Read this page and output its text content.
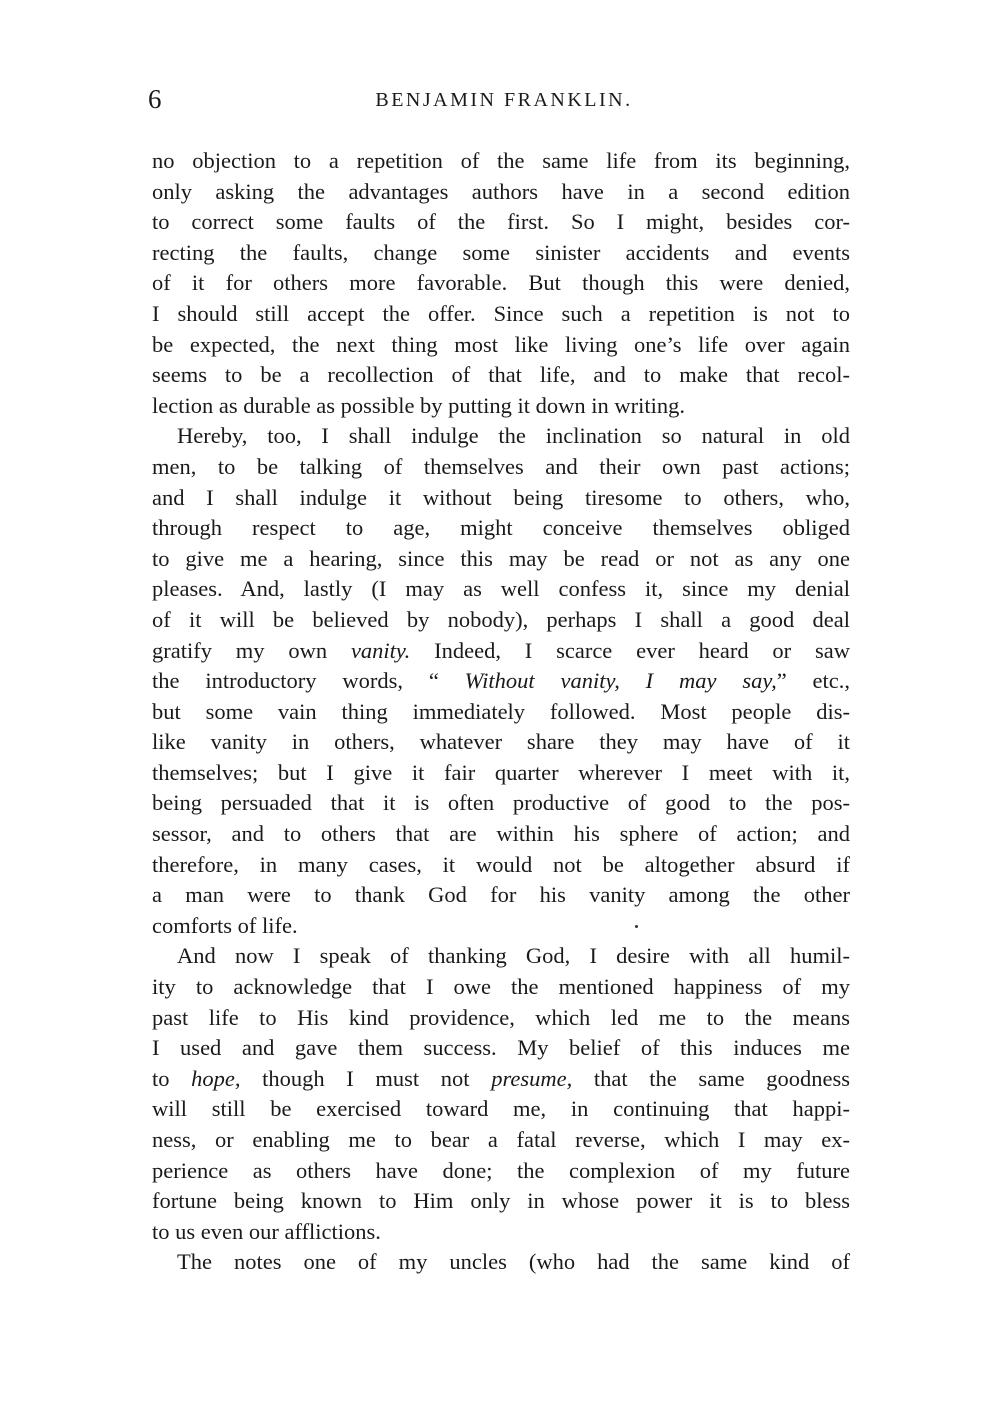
6	BENJAMIN FRANKLIN.
no objection to a repetition of the same life from its beginning,
only asking the advantages authors have in a second edition
to correct some faults of the first. So I might, besides cor-
recting the faults, change some sinister accidents and events
of it for others more favorable. But though this were denied,
I should still accept the offer. Since such a repetition is not to
be expected, the next thing most like living one’s life over again
seems to be a recollection of that life, and to make that recol-
lection as durable as possible by putting it down in writing.
Hereby, too, I shall indulge the inclination so natural in old
men, to be talking of themselves and their own past actions;
and I shall indulge it without being tiresome to others, who,
through respect to age, might conceive themselves obliged
to give me a hearing, since this may be read or not as any one
pleases. And, lastly (I may as well confess it, since my denial
of it will be believed by nobody), perhaps I shall a good deal
gratify my own vanity. Indeed, I scarce ever heard or saw
the introductory words, “ Without vanity, I may say,” etc.,
but some vain thing immediately followed. Most people dis-
like vanity in others, whatever share they may have of it
themselves; but I give it fair quarter wherever I meet with it,
being persuaded that it is often productive of good to the pos-
sessor, and to others that are within his sphere of action; and
therefore, in many cases, it would not be altogether absurd if
a man were to thank God for his vanity among the other
comforts of life.
And now I speak of thanking God, I desire with all humil-
ity to acknowledge that I owe the mentioned happiness of my
past life to His kind providence, which led me to the means
I used and gave them success. My belief of this induces me
to hope, though I must not presume, that the same goodness
will still be exercised toward me, in continuing that happi-
ness, or enabling me to bear a fatal reverse, which I may ex-
perience as others have done; the complexion of my future
fortune being known to Him only in whose power it is to bless
to us even our afflictions.
The notes one of my uncles (who had the same kind of
